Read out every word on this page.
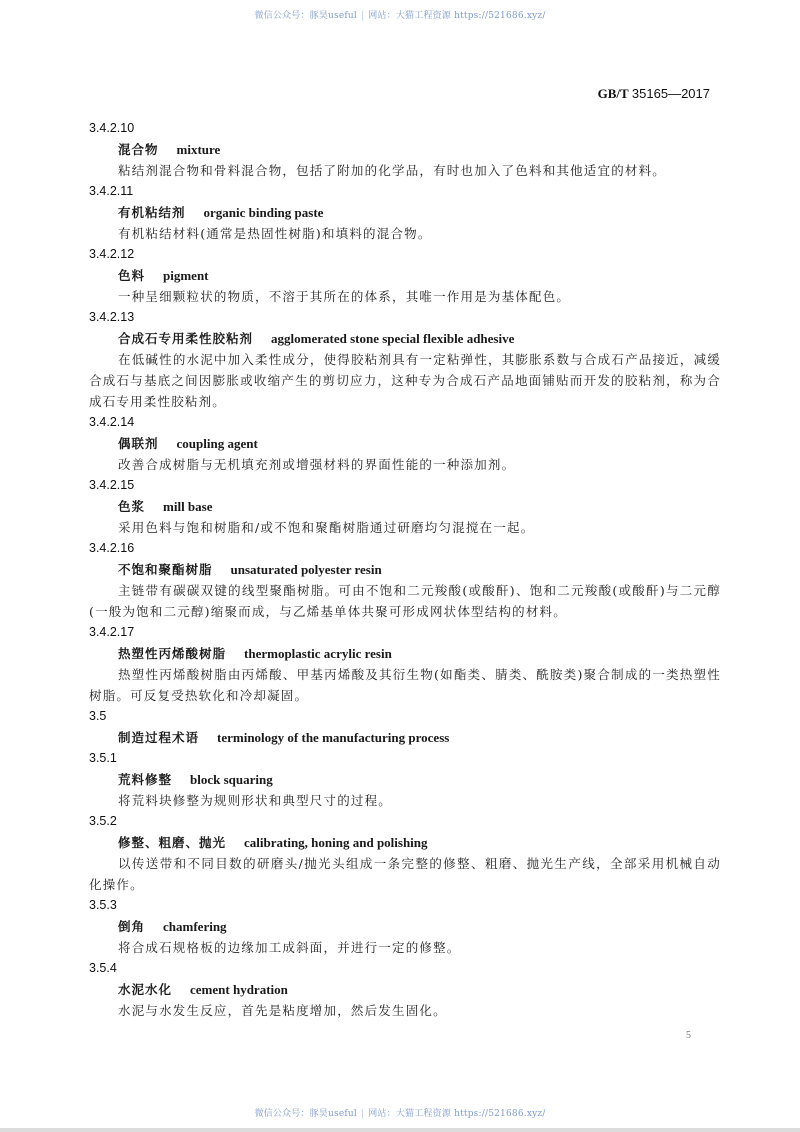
微信公众号：豚昊useful | 网站：大猫工程资源 https://521686.xyz/
GB/T 35165—2017
3.4.2.10
混合物 mixture
粘结剂混合物和骨料混合物，包括了附加的化学品，有时也加入了色料和其他适宜的材料。
3.4.2.11
有机粘结剂 organic binding paste
有机粘结材料(通常是热固性树脂)和填料的混合物。
3.4.2.12
色料 pigment
一种呈细颗粒状的物质，不溶于其所在的体系，其唯一作用是为基体配色。
3.4.2.13
合成石专用柔性胶粘剂 agglomerated stone special flexible adhesive
在低碱性的水泥中加入柔性成分，使得胶粘剂具有一定粘弹性，其膨胀系数与合成石产品接近，减缓合成石与基底之间因膨胀或收缩产生的剪切应力，这种专为合成石产品地面铺贴而开发的胶粘剂，称为合成石专用柔性胶粘剂。
3.4.2.14
偶联剂 coupling agent
改善合成树脂与无机填充剂或增强材料的界面性能的一种添加剂。
3.4.2.15
色浆 mill base
采用色料与饱和树脂和/或不饱和聚酯树脂通过研磨均匀混搅在一起。
3.4.2.16
不饱和聚酯树脂 unsaturated polyester resin
主链带有碳碳双键的线型聚酯树脂。可由不饱和二元羧酸(或酸酐)、饱和二元羧酸(或酸酐)与二元醇(一般为饱和二元醇)缩聚而成，与乙烯基单体共聚可形成网状体型结构的材料。
3.4.2.17
热塑性丙烯酸树脂 thermoplastic acrylic resin
热塑性丙烯酸树脂由丙烯酸、甲基丙烯酸及其衍生物(如酯类、腈类、酰胺类)聚合制成的一类热塑性树脂。可反复受热软化和冷却凝固。
3.5
制造过程术语 terminology of the manufacturing process
3.5.1
荒料修整 block squaring
将荒料块修整为规则形状和典型尺寸的过程。
3.5.2
修整、粗磨、抛光 calibrating, honing and polishing
以传送带和不同目数的研磨头/抛光头组成一条完整的修整、粗磨、抛光生产线，全部采用机械自动化操作。
3.5.3
倒角 chamfering
将合成石规格板的边缘加工成斜面，并进行一定的修整。
3.5.4
水泥水化 cement hydration
水泥与水发生反应，首先是粘度增加，然后发生固化。
5
微信公众号：豚昊useful | 网站：大猫工程资源 https://521686.xyz/
